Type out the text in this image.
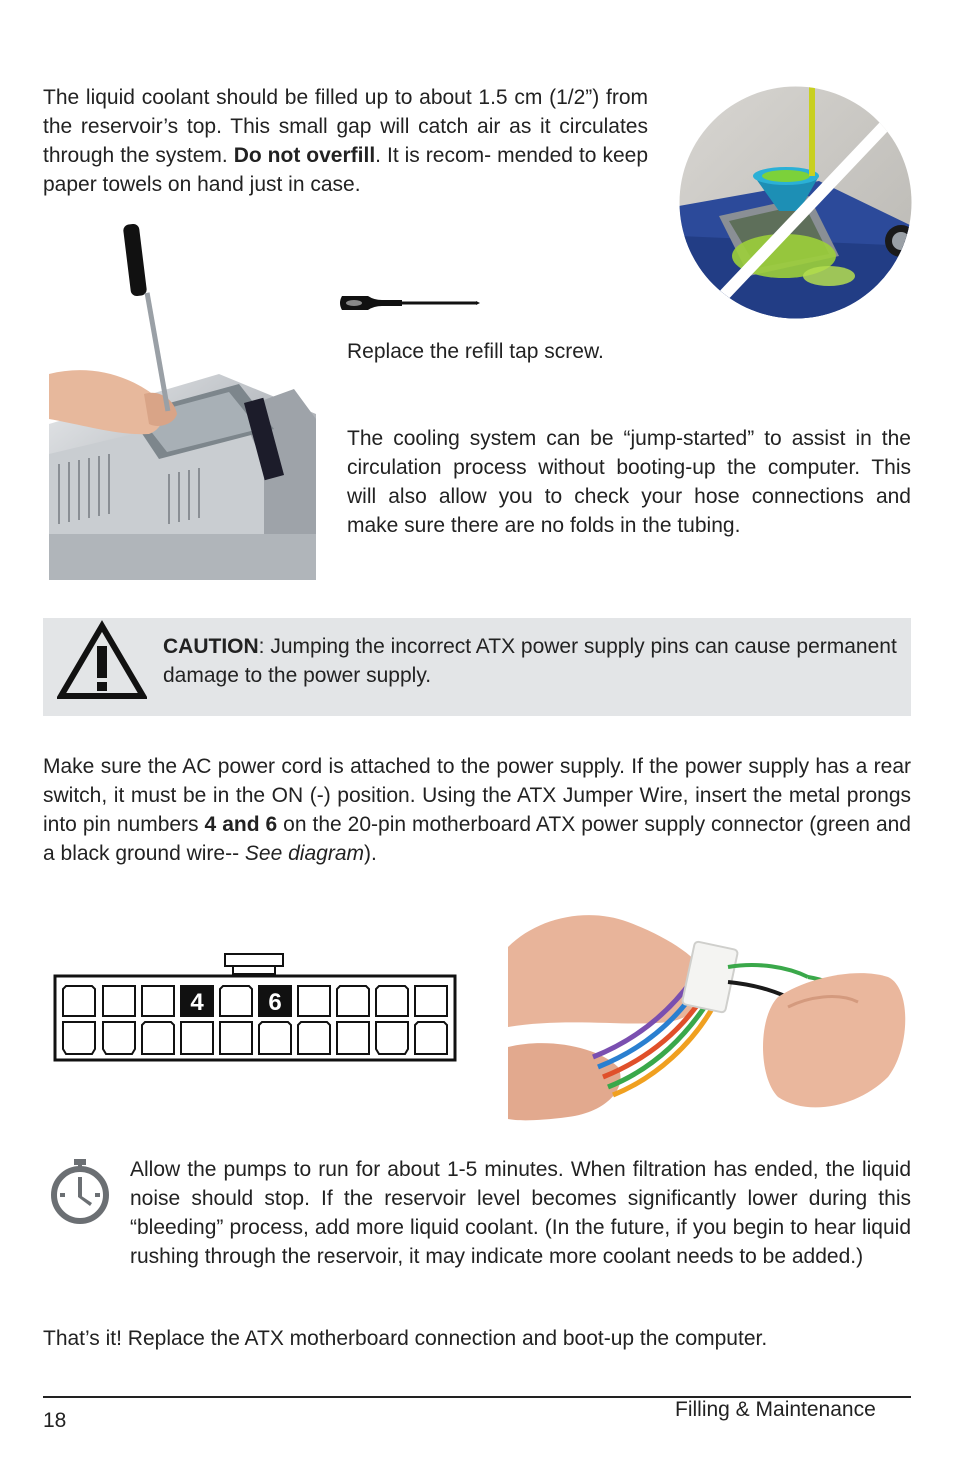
The liquid coolant should be filled up to about 1.5 cm (1/2”) from the reservoir’s top. This small gap will catch air as it circulates through the system. Do not overfill. It is recom- mended to keep paper towels on hand just in case.

Replace the refill tap screw.

The cooling system can be “jump-started” to assist in the circulation process without booting-up the computer. This will also allow you to check your hose connections and make sure there are no folds in the tubing.

CAUTION: Jumping the incorrect ATX power supply pins can cause permanent damage to the power supply.

Make sure the AC power cord is attached to the power supply. If the power supply has a rear switch, it must be in the ON (-) position. Using the ATX Jumper Wire, insert the metal prongs into pin numbers 4 and 6 on the 20-pin motherboard ATX power supply connector (green and a black ground wire-- See diagram).

4	6

Allow the pumps to run for about 1-5 minutes. When filtration has ended, the liquid noise should stop. If the reservoir level becomes significantly lower during this “bleeding” process, add more liquid coolant. (In the future, if you begin to hear liquid rushing through the reservoir, it may indicate more coolant needs to be added.)

That’s it! Replace the ATX motherboard connection and boot-up the computer.

18	Filling & Maintenance
